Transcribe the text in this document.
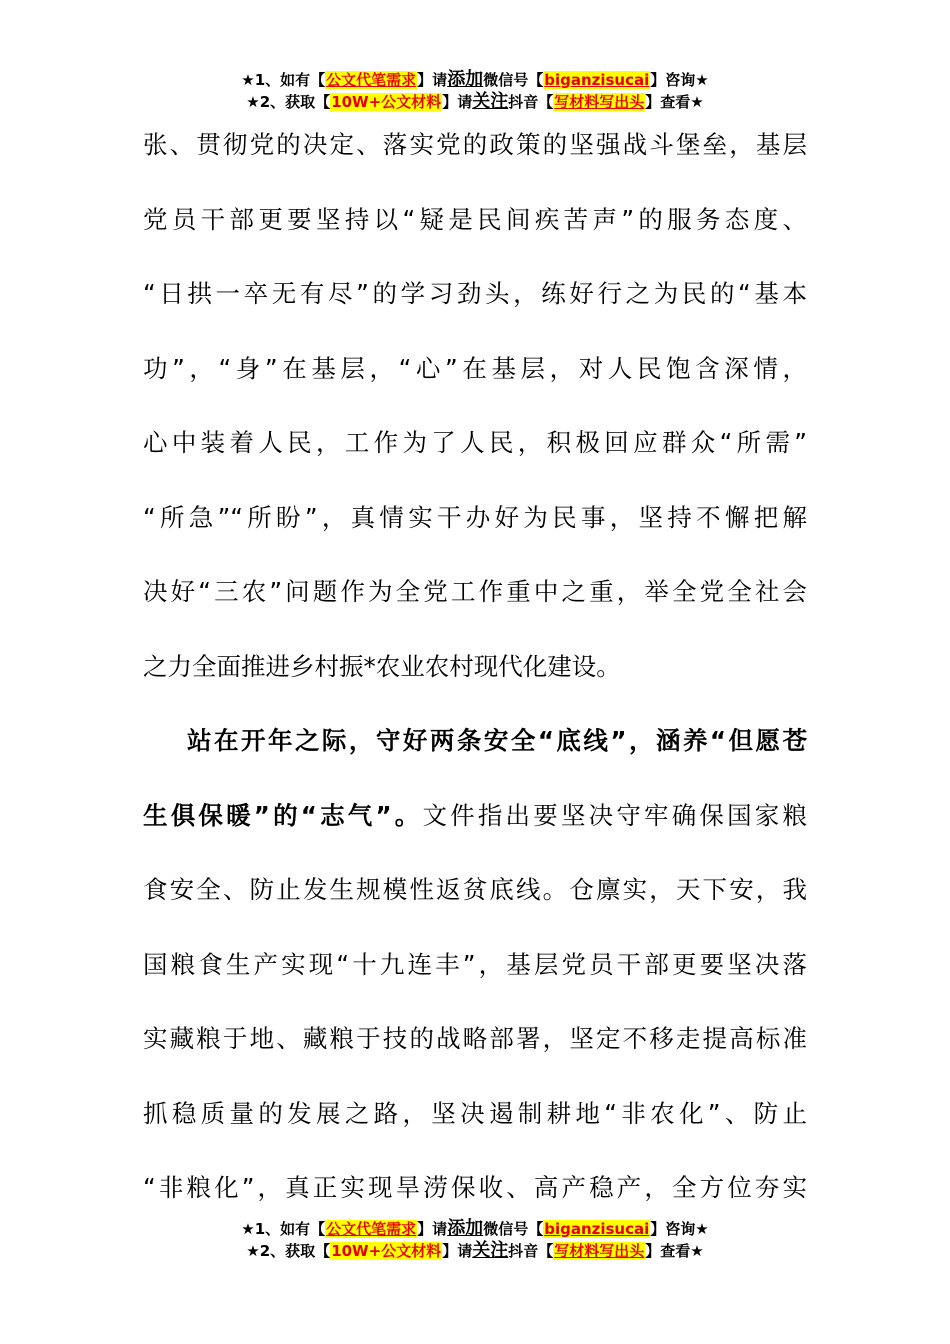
★1、如有【公文代笔需求】请添加微信号【biganzisucai】咨询★
★2、获取【10W+公文材料】请关注抖音【写材料写出头】查看★
张、贯彻党的决定、落实党的政策的坚强战斗堡垒，基层
党员干部更要坚持以“疑是民间疾苦声”的服务态度、
“日拱一卒无有尽”的学习劲头，练好行之为民的“基本
功”，“身”在基层，“心”在基层，对人民饱含深情，
心中装着人民，工作为了人民，积极回应群众“所需”
“所急”“所盼”，真情实干办好为民事，坚持不懈把解
决好“三农”问题作为全党工作重中之重，举全党全社会
之力全面推进乡村振*农业农村现代化建设。
站在开年之际，守好两条安全“底线”，涵养“但愿苍
生俱保暖”的“志气”。文件指出要坚决守牢确保国家粮
食安全、防止发生规模性返贫底线。仓廪实，天下安，我
国粮食生产实现“十九连丰”，基层党员干部更要坚决落
实藏粮于地、藏粮于技的战略部署，坚定不移走提高标准
抓稳质量的发展之路，坚决遏制耕地“非农化”、防止
“非粮化”，真正实现旱涝保收、高产稳产，全方位夯实
★1、如有【公文代笔需求】请添加微信号【biganzisucai】咨询★
★2、获取【10W+公文材料】请关注抖音【写材料写出头】查看★
